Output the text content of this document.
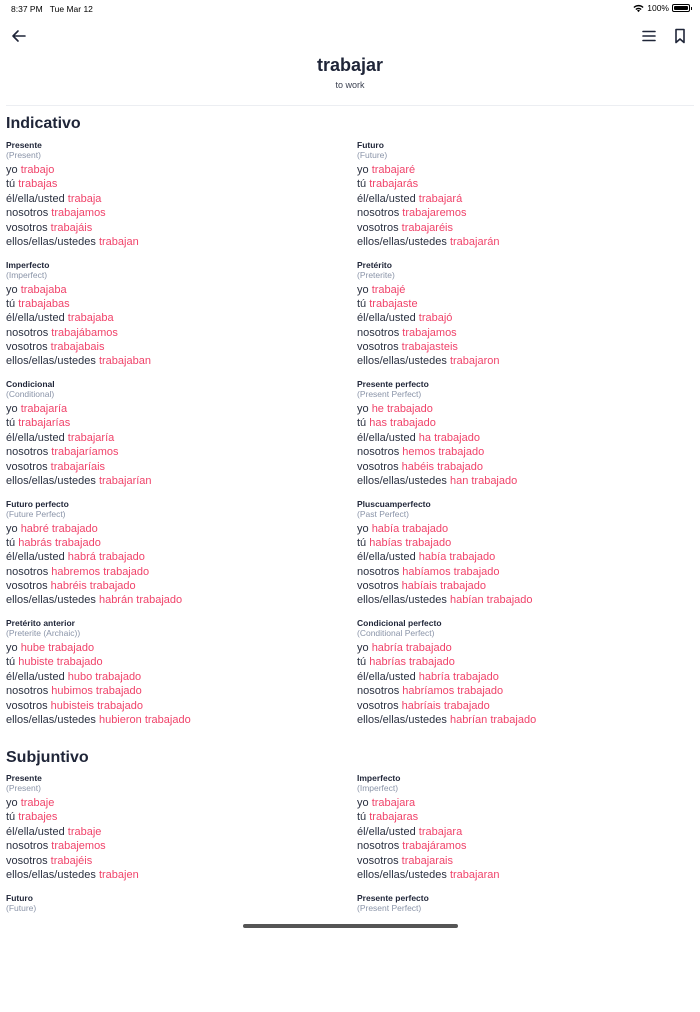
8:37 PM Tue Mar 12	100%
trabajar
to work
Indicativo
Presente
(Present)
yo trabajo
tú trabajas
él/ella/usted trabaja
nosotros trabajamos
vosotros trabajáis
ellos/ellas/ustedes trabajan
Futuro
(Future)
yo trabajaré
tú trabajarás
él/ella/usted trabajará
nosotros trabajaremos
vosotros trabajaréis
ellos/ellas/ustedes trabajarán
Imperfecto
(Imperfect)
yo trabajaba
tú trabajabas
él/ella/usted trabajaba
nosotros trabajábamos
vosotros trabajabais
ellos/ellas/ustedes trabajaban
Pretérito
(Preterite)
yo trabajé
tú trabajaste
él/ella/usted trabajó
nosotros trabajamos
vosotros trabajasteis
ellos/ellas/ustedes trabajaron
Condicional
(Conditional)
yo trabajaría
tú trabajarías
él/ella/usted trabajaría
nosotros trabajaríamos
vosotros trabajaríais
ellos/ellas/ustedes trabajarían
Presente perfecto
(Present Perfect)
yo he trabajado
tú has trabajado
él/ella/usted ha trabajado
nosotros hemos trabajado
vosotros habéis trabajado
ellos/ellas/ustedes han trabajado
Futuro perfecto
(Future Perfect)
yo habré trabajado
tú habrás trabajado
él/ella/usted habrá trabajado
nosotros habremos trabajado
vosotros habréis trabajado
ellos/ellas/ustedes habrán trabajado
Pluscuamperfecto
(Past Perfect)
yo había trabajado
tú habías trabajado
él/ella/usted había trabajado
nosotros habíamos trabajado
vosotros habíais trabajado
ellos/ellas/ustedes habían trabajado
Pretérito anterior
(Preterite (Archaic))
yo hube trabajado
tú hubiste trabajado
él/ella/usted hubo trabajado
nosotros hubimos trabajado
vosotros hubisteis trabajado
ellos/ellas/ustedes hubieron trabajado
Condicional perfecto
(Conditional Perfect)
yo habría trabajado
tú habrías trabajado
él/ella/usted habría trabajado
nosotros habríamos trabajado
vosotros habríais trabajado
ellos/ellas/ustedes habrían trabajado
Subjuntivo
Presente
(Present)
yo trabaje
tú trabajes
él/ella/usted trabaje
nosotros trabajemos
vosotros trabajéis
ellos/ellas/ustedes trabajen
Imperfecto
(Imperfect)
yo trabajara
tú trabajaras
él/ella/usted trabajara
nosotros trabajáramos
vosotros trabajarais
ellos/ellas/ustedes trabajaran
Futuro
(Future)
Presente perfecto
(Present Perfect)
